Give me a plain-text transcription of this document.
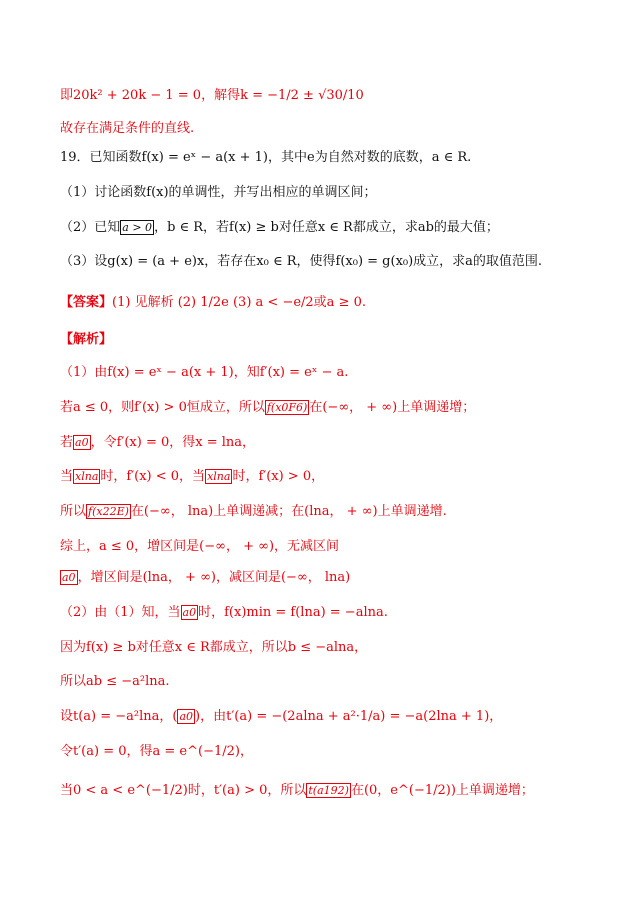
即20k² + 20k − 1 = 0，解得k = −1/2 ± √30/10
故存在满足条件的直线.
19．已知函数f(x) = eˣ − a(x + 1)，其中e为自然对数的底数，a ∈ R.
（1）讨论函数f(x)的单调性，并写出相应的单调区间；
（2）已知 a > 0 ，b ∈ R，若f(x) ≥ b对任意x ∈ R都成立，求ab的最大值；
（3）设g(x) = (a + e)x，若存在x₀ ∈ R，使得f(x₀) = g(x₀)成立，求a的取值范围.
【答案】(1) 见解析 (2) 1/2e (3) a < −e/2或a ≥ 0.
【解析】
（1）由f(x) = eˣ − a(x + 1)，知f′(x) = eˣ − a.
若a ≤ 0，则f′(x) > 0恒成立，所以 f(x0F6) 在(−∞， + ∞)上单调递增；
若 a0 ，令f′(x) = 0，得x = lna，
当 xlna 时，f′(x) < 0，当 xlna 时，f′(x) > 0，
所以 f(x22E) 在(−∞， lna)上单调递减；在(lna， + ∞)上单调递增.
综上，a ≤ 0，增区间是(−∞， + ∞)，无减区间
a0 ，增区间是(lna， + ∞)，减区间是(−∞， lna)
（2）由（1）知，当 a0 时，f(x)min = f(lna) = −alna.
因为f(x) ≥ b对任意x ∈ R都成立，所以b ≤ −alna，
所以ab ≤ −a²lna.
设t(a) = −a²lna，( a0 )，由t′(a) = −(2alna + a²·1/a) = −a(2lna + 1)，
令t′(a) = 0，得a = e^(−1/2)，
当0 < a < e^(−1/2)时，t′(a) > 0，所以 t(a192) 在(0，e^(−1/2))上单调递增；
